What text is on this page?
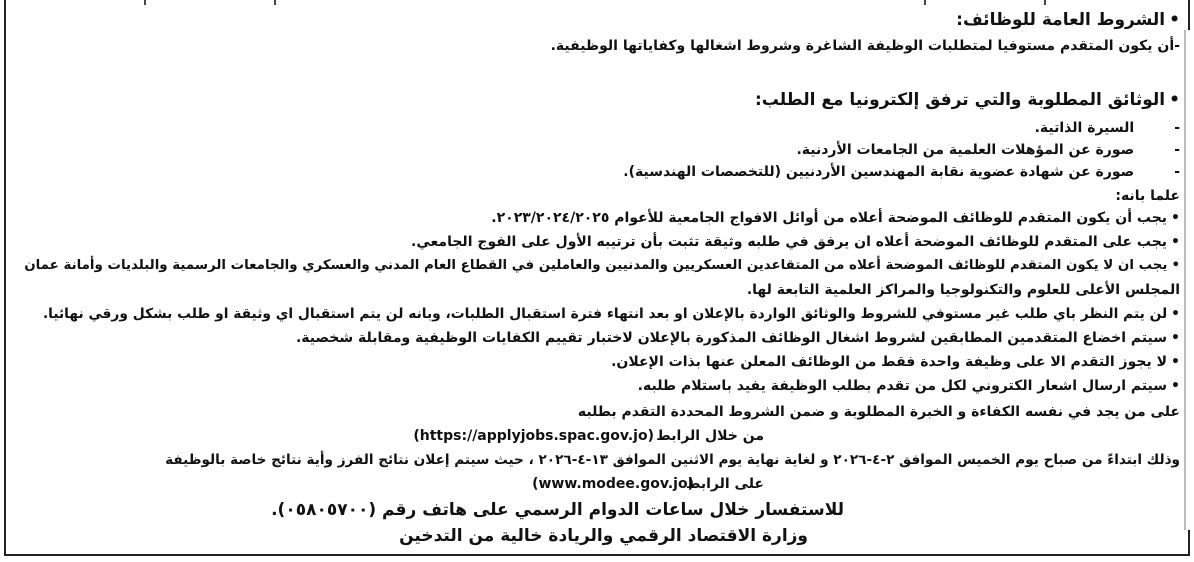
• الشروط العامة للوظائف:
-أن يكون المتقدم مستوفيا لمتطلبات الوظيفة الشاغرة وشروط اشغالها وكفاياتها الوظيفية.
• الوثائق المطلوبة والتي ترفق إلكترونيا مع الطلب:
-السيرة الذاتية.
-صورة عن المؤهلات العلمية من الجامعات الأردنية.
-صورة عن شهادة عضوية نقابة المهندسين الأردنيين (للتخصصات الهندسية).
علما بانه:
• يجب أن يكون المتقدم للوظائف الموضحة أعلاه من أوائل الافواج الجامعية للأعوام ٢٠٢٣/٢٠٢٤/٢٠٢٥.
• يجب على المتقدم للوظائف الموضحة أعلاه ان يرفق في طلبه وثيقة تثبت بأن ترتيبه الأول على الفوج الجامعي.
• يجب ان لا يكون المتقدم للوظائف الموضحة أعلاه من المتقاعدين العسكريين والمدنيين والعاملين في القطاع العام المدني والعسكري والجامعات الرسمية والبلديات وأمانة عمان
المجلس الأعلى للعلوم والتكنولوجيا والمراكز العلمية التابعة لها.
• لن يتم النظر باي طلب غير مستوفي للشروط والوثائق الواردة بالإعلان او بعد انتهاء فترة استقبال الطلبات، وبانه لن يتم استقبال اي وثيقة او طلب بشكل ورقي نهائيا.
• سيتم اخضاع المتقدمين المطابقين لشروط اشغال الوظائف المذكورة بالإعلان لاختبار تقييم الكفايات الوظيفية ومقابلة شخصية.
• لا يجوز التقدم الا على وظيفة واحدة فقط من الوظائف المعلن عنها بذات الإعلان.
• سيتم ارسال اشعار الكتروني لكل من تقدم بطلب الوظيفة يفيد باستلام طلبه.
على من يجد في نفسه الكفاءة و الخبرة المطلوبة و ضمن الشروط المحددة التقدم بطلبه
من خلال الرابط
(https://applyjobs.spac.gov.jo)
وذلك ابتداءً من صباح يوم الخميس الموافق ٢-٤-٢٠٢٦ و لغاية نهاية يوم الاثنين الموافق ١٣-٤-٢٠٢٦ ، حيث سيتم إعلان نتائج الفرز وأية نتائج خاصة بالوظيفة
على الرابط
(www.modee.gov.jo)
للاستفسار خلال ساعات الدوام الرسمي على هاتف رقم (٠٥٨٠٥٧٠٠).
وزارة الاقتصاد الرقمي والريادة خالية من التدخين
